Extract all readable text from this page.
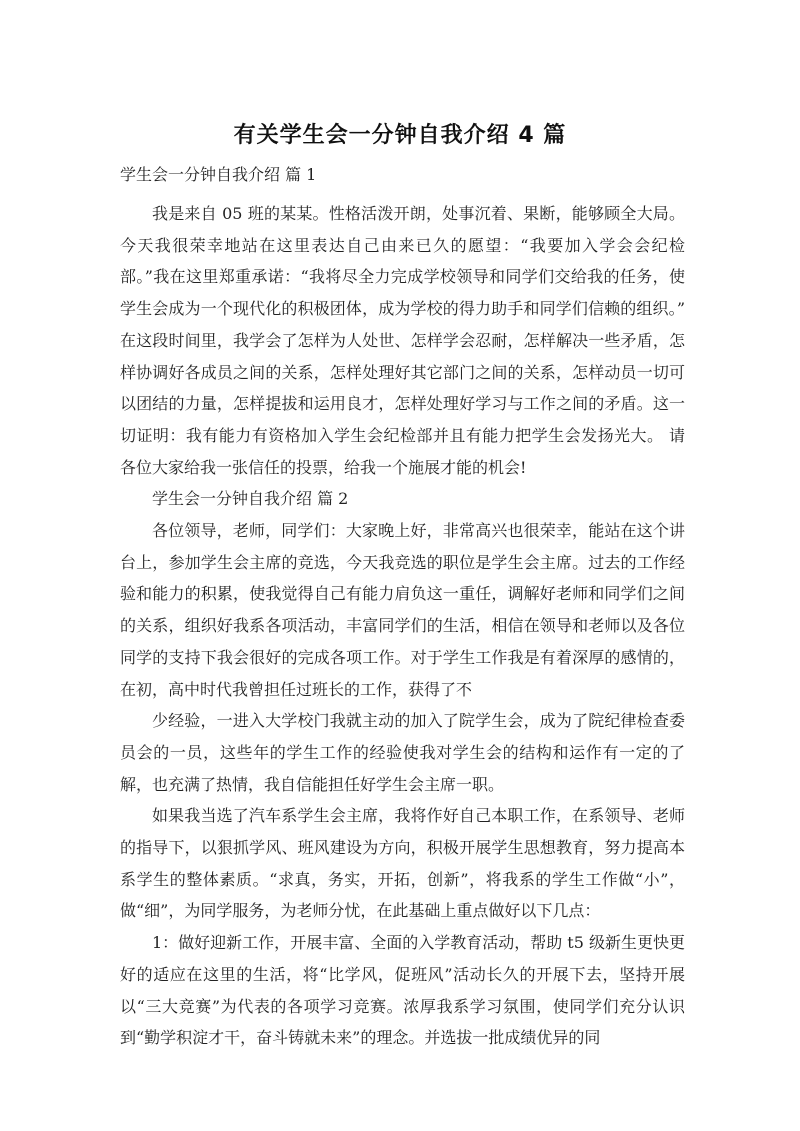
有关学生会一分钟自我介绍 4 篇
学生会一分钟自我介绍 篇 1

我是来自 05 班的某某。性格活泼开朗，处事沉着、果断，能够顾全大局。今天我很荣幸地站在这里表达自己由来已久的愿望：“我要加入学会会纪检部。”我在这里郑重承诺：“我将尽全力完成学校领导和同学们交给我的任务，使学生会成为一个现代化的积极团体，成为学校的得力助手和同学们信赖的组织。” 在这段时间里，我学会了怎样为人处世、怎样学会忍耐，怎样解决一些矛盾，怎样协调好各成员之间的关系，怎样处理好其它部门之间的关系，怎样动员一切可以团结的力量，怎样提拔和运用良才，怎样处理好学习与工作之间的矛盾。这一切证明：我有能力有资格加入学生会纪检部并且有能力把学生会发扬光大。 请各位大家给我一张信任的投票，给我一个施展才能的机会!

学生会一分钟自我介绍 篇 2

各位领导，老师，同学们：大家晚上好，非常高兴也很荣幸，能站在这个讲台上，参加学生会主席的竞选，今天我竞选的职位是学生会主席。过去的工作经验和能力的积累，使我觉得自己有能力肩负这一重任，调解好老师和同学们之间的关系，组织好我系各项活动，丰富同学们的生活，相信在领导和老师以及各位同学的支持下我会很好的完成各项工作。对于学生工作我是有着深厚的感情的，在初，高中时代我曾担任过班长的工作，获得了不

少经验，一进入大学校门我就主动的加入了院学生会，成为了院纪律检查委员会的一员，这些年的学生工作的经验使我对学生会的结构和运作有一定的了解，也充满了热情，我自信能担任好学生会主席一职。

如果我当选了汽车系学生会主席，我将作好自己本职工作，在系领导、老师的指导下，以狠抓学风、班风建设为方向，积极开展学生思想教育，努力提高本系学生的整体素质。“求真，务实，开拓，创新”，将我系的学生工作做“小”，做“细”，为同学服务，为老师分忧，在此基础上重点做好以下几点：

1：做好迎新工作，开展丰富、全面的入学教育活动，帮助 t5 级新生更快更好的适应在这里的生活，将“比学风，促班风”活动长久的开展下去，坚持开展以“三大竞赛”为代表的各项学习竞赛。浓厚我系学习氛围，使同学们充分认识到“勤学积淀才干，奋斗铸就未来”的理念。并选拔一批成绩优异的同
